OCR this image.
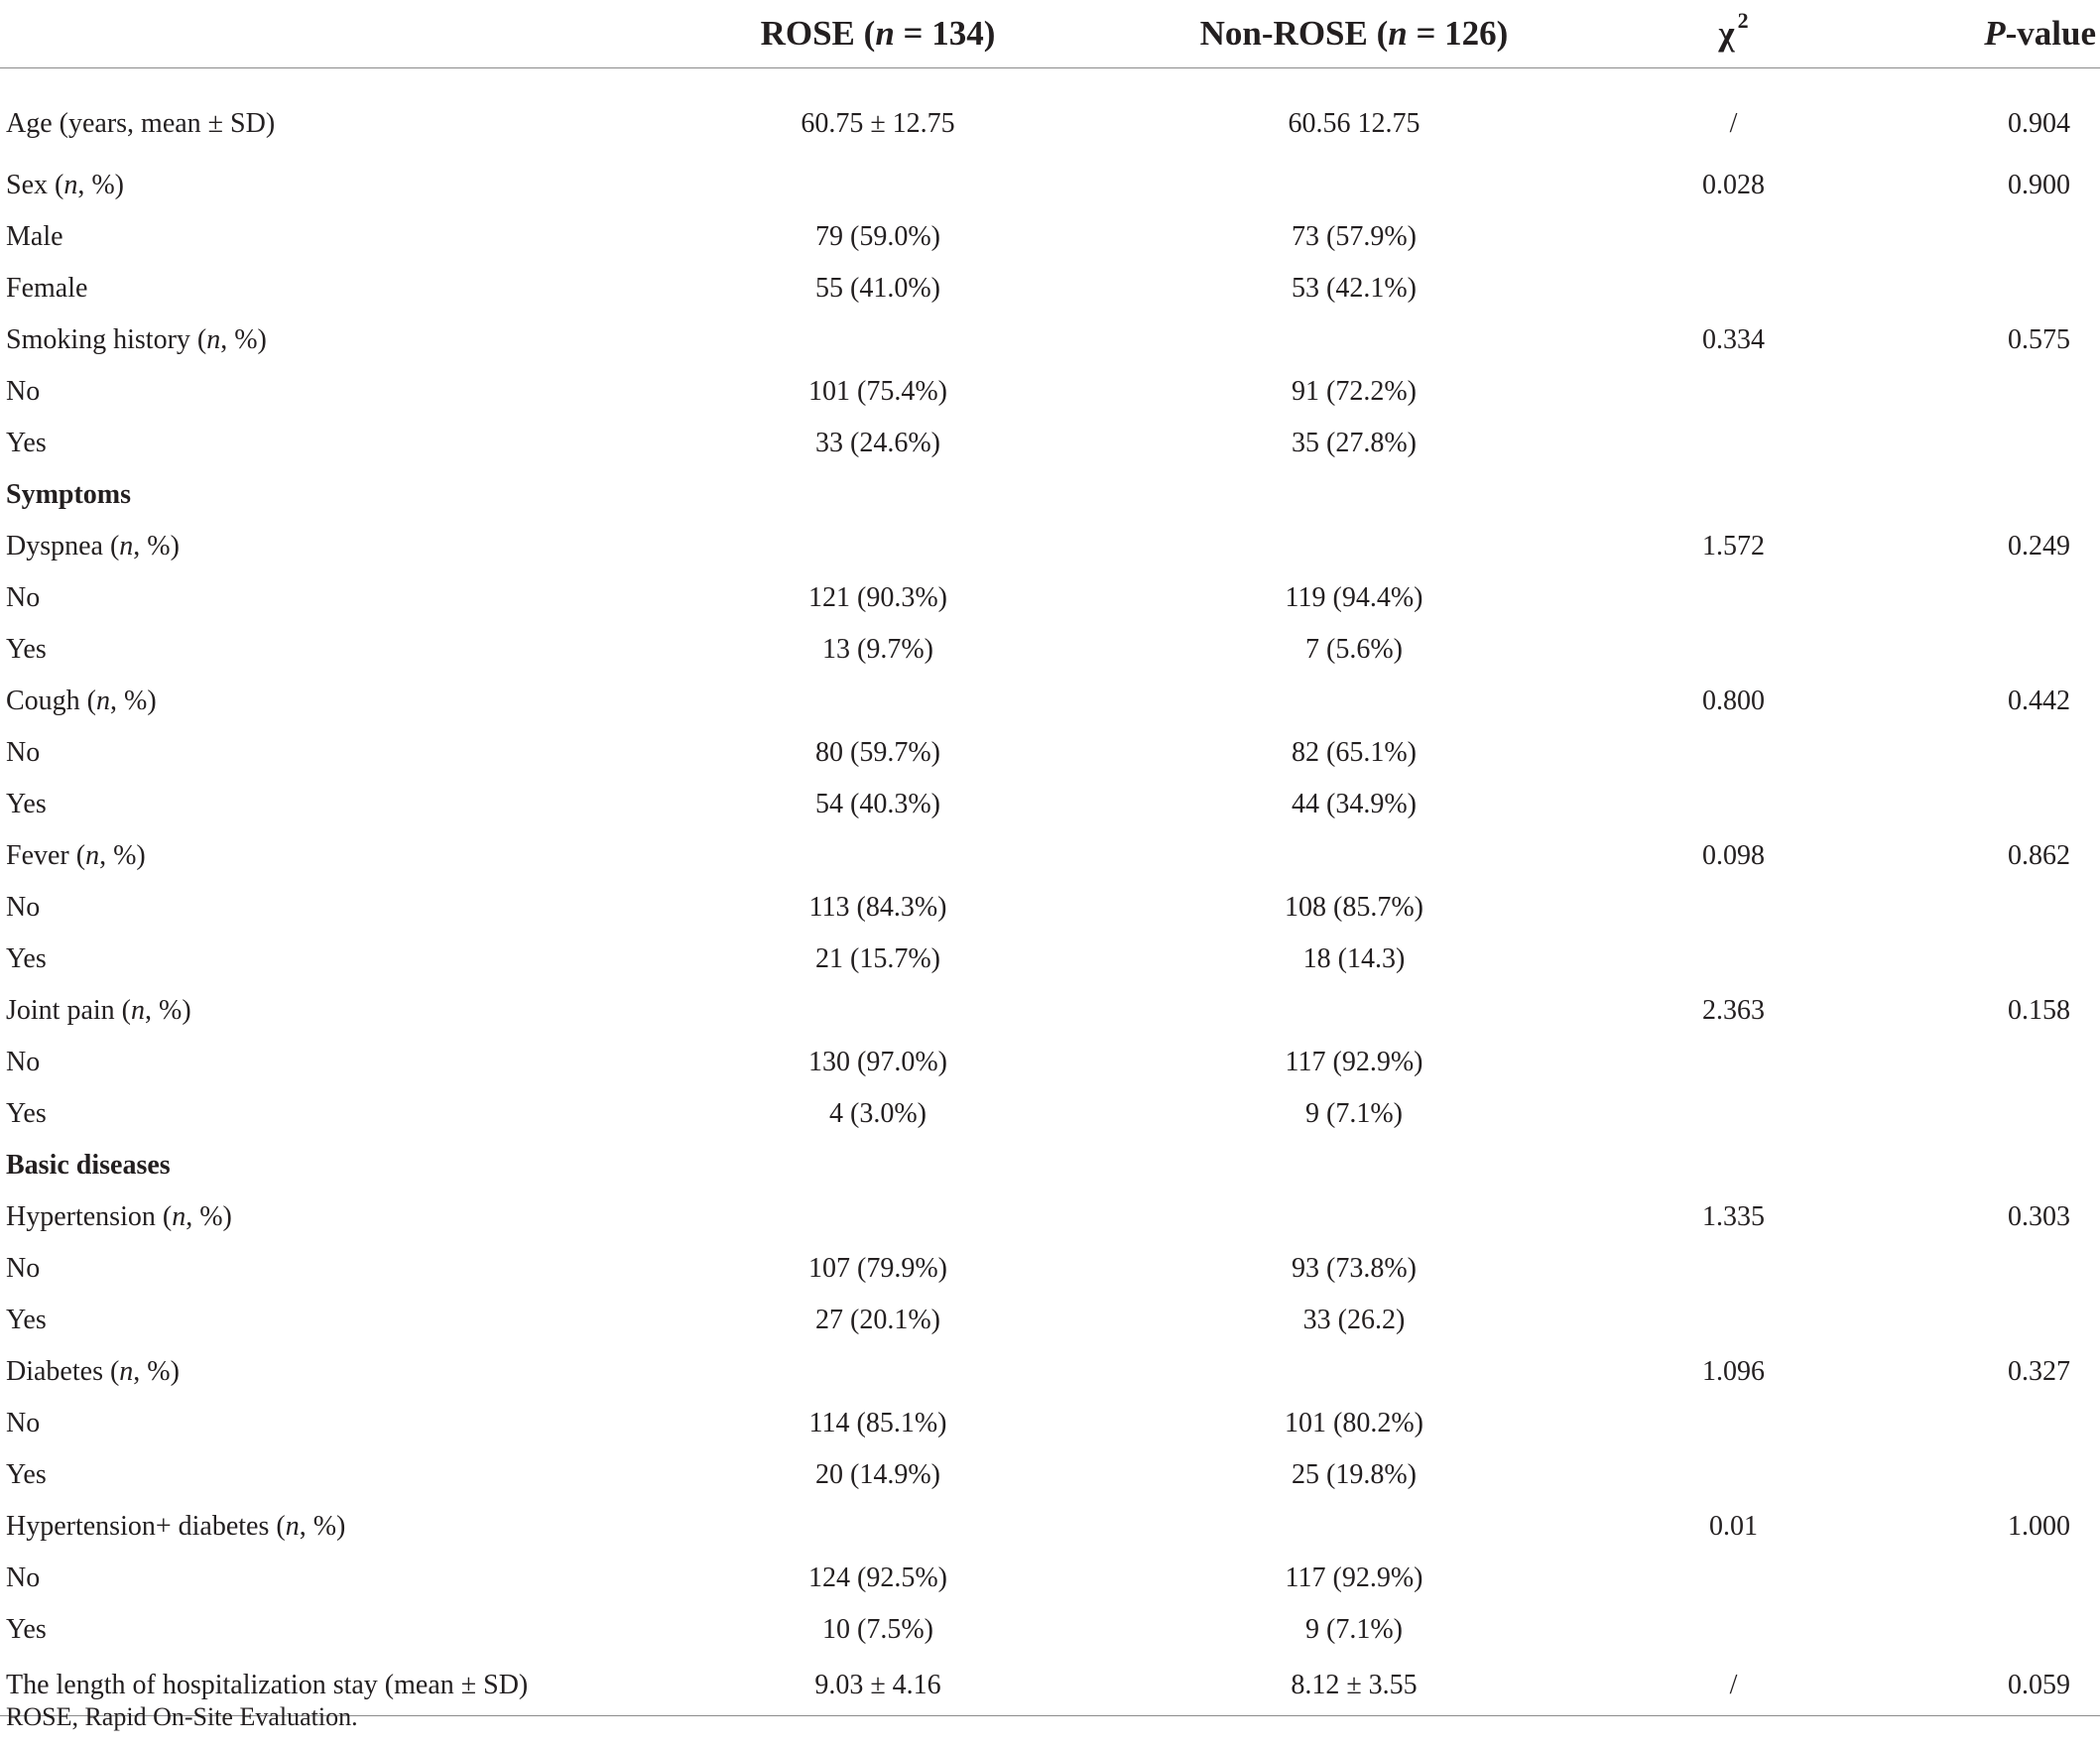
	ROSE (n = 134)	Non-ROSE (n = 126)	χ $^2$	P-value
Age (years, mean ± SD)	60.75 ± 12.75	60.56 12.75	/	0.904
Sex (n, %)			0.028	0.900
Male	79 (59.0%)	73 (57.9%)		
Female	55 (41.0%)	53 (42.1%)		
Smoking history (n, %)			0.334	0.575
No	101 (75.4%)	91 (72.2%)		
Yes	33 (24.6%)	35 (27.8%)		
Symptoms				
Dyspnea (n, %)			1.572	0.249
No	121 (90.3%)	119 (94.4%)		
Yes	13 (9.7%)	7 (5.6%)		
Cough (n, %)			0.800	0.442
No	80 (59.7%)	82 (65.1%)		
Yes	54 (40.3%)	44 (34.9%)		
Fever (n, %)			0.098	0.862
No	113 (84.3%)	108 (85.7%)		
Yes	21 (15.7%)	18 (14.3)		
Joint pain (n, %)			2.363	0.158
No	130 (97.0%)	117 (92.9%)		
Yes	4 (3.0%)	9 (7.1%)		
Basic diseases				
Hypertension (n, %)			1.335	0.303
No	107 (79.9%)	93 (73.8%)		
Yes	27 (20.1%)	33 (26.2)		
Diabetes (n, %)			1.096	0.327
No	114 (85.1%)	101 (80.2%)		
Yes	20 (14.9%)	25 (19.8%)		
Hypertension+ diabetes (n, %)			0.01	1.000
No	124 (92.5%)	117 (92.9%)		
Yes	10 (7.5%)	9 (7.1%)		
The length of hospitalization stay (mean ± SD)	9.03 ± 4.16	8.12 ± 3.55	/	0.059
ROSE, Rapid On-Site Evaluation.
